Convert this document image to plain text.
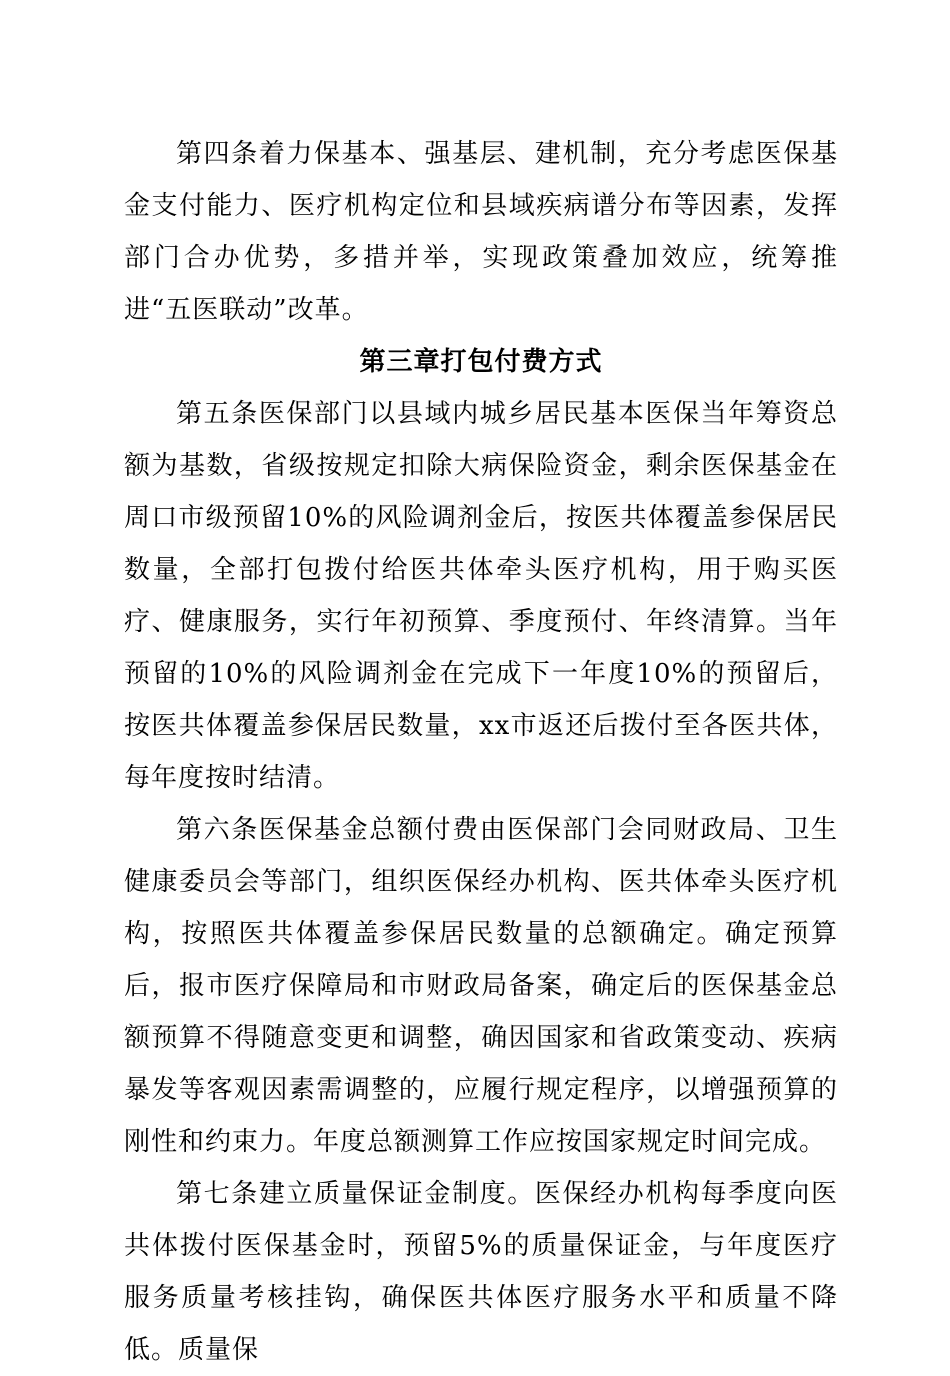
第四条着力保基本、强基层、建机制，充分考虑医保基金支付能力、医疗机构定位和县域疾病谱分布等因素，发挥部门合办优势，多措并举，实现政策叠加效应，统筹推进“五医联动”改革。

第三章打包付费方式

第五条医保部门以县域内城乡居民基本医保当年筹资总额为基数，省级按规定扣除大病保险资金，剩余医保基金在周口市级预留10%的风险调剂金后，按医共体覆盖参保居民数量，全部打包拨付给医共体牵头医疗机构，用于购买医疗、健康服务，实行年初预算、季度预付、年终清算。当年预留的10%的风险调剂金在完成下一年度10%的预留后，按医共体覆盖参保居民数量，xx市返还后拨付至各医共体，每年度按时结清。

第六条医保基金总额付费由医保部门会同财政局、卫生健康委员会等部门，组织医保经办机构、医共体牵头医疗机构，按照医共体覆盖参保居民数量的总额确定。确定预算后，报市医疗保障局和市财政局备案，确定后的医保基金总额预算不得随意变更和调整，确因国家和省政策变动、疾病暴发等客观因素需调整的，应履行规定程序，以增强预算的刚性和约束力。年度总额测算工作应按国家规定时间完成。

第七条建立质量保证金制度。医保经办机构每季度向医共体拨付医保基金时，预留5%的质量保证金，与年度医疗服务质量考核挂钩，确保医共体医疗服务水平和质量不降低。质量保
